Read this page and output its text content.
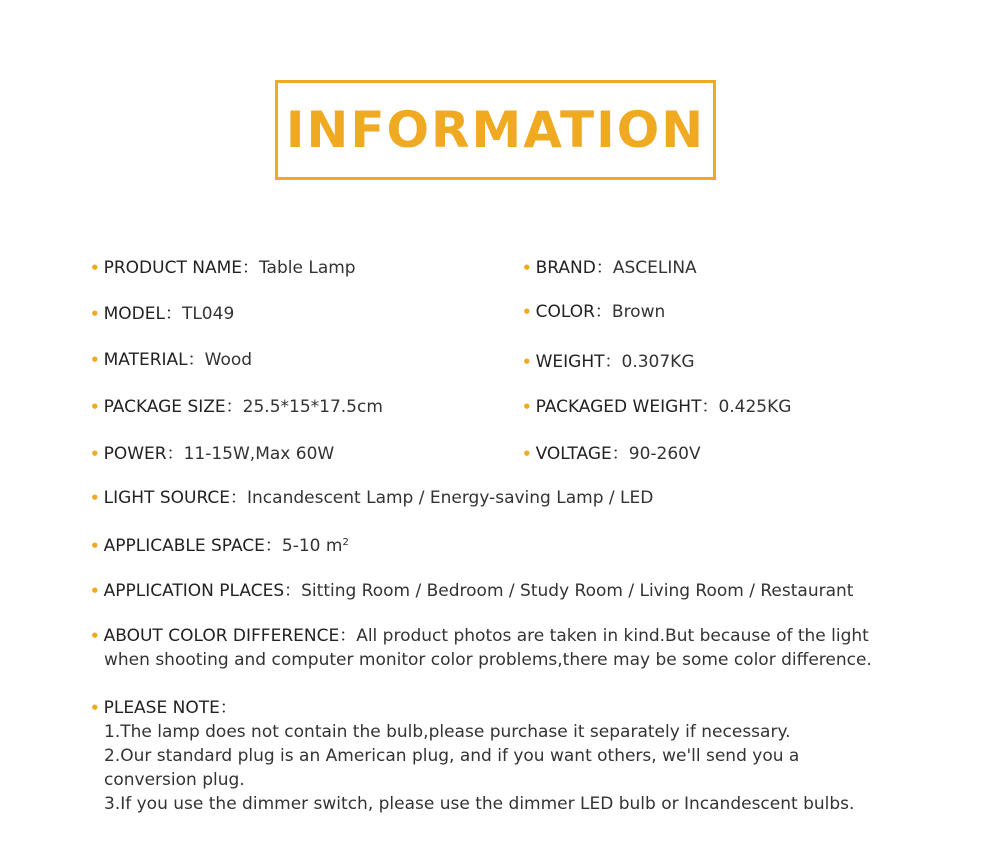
INFORMATION
• PRODUCT NAME：Table Lamp
• MODEL：TL049
• MATERIAL：Wood
• PACKAGE SIZE：25.5*15*17.5cm
• POWER：11-15W,Max 60W
• BRAND：ASCELINA
• COLOR：Brown
• WEIGHT：0.307KG
• PACKAGED WEIGHT：0.425KG
• VOLTAGE：90-260V
• LIGHT SOURCE：Incandescent Lamp / Energy-saving Lamp / LED
• APPLICABLE SPACE：5-10 $m^2$
• APPLICATION PLACES：Sitting Room / Bedroom / Study Room / Living Room / Restaurant
• ABOUT COLOR DIFFERENCE：All product photos are taken in kind.But because of the light
when shooting and computer monitor color problems,there may be some color difference.
• PLEASE NOTE：
1.The lamp does not contain the bulb,please purchase it separately if necessary.
2.Our standard plug is an American plug, and if you want others, we'll send you a
conversion plug.
3.If you use the dimmer switch, please use the dimmer LED bulb or Incandescent bulbs.
